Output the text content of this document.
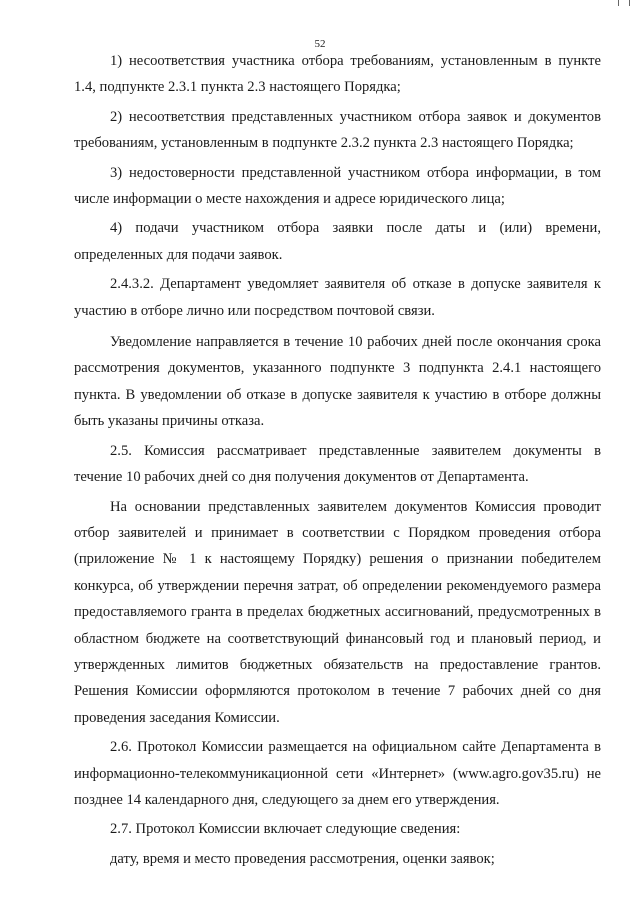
52

1) несоответствия участника отбора требованиям, установленным в пункте 1.4, подпункте 2.3.1 пункта 2.3 настоящего Порядка;

2) несоответствия представленных участником отбора заявок и документов требованиям, установленным в подпункте 2.3.2 пункта 2.3 настоящего Порядка;

3) недостоверности представленной участником отбора информации, в том числе информации о месте нахождения и адресе юридического лица;

4) подачи участником отбора заявки после даты и (или) времени, определенных для подачи заявок.

2.4.3.2. Департамент уведомляет заявителя об отказе в допуске заявителя к участию в отборе лично или посредством почтовой связи.

Уведомление направляется в течение 10 рабочих дней после окончания срока рассмотрения документов, указанного подпункте 3 подпункта 2.4.1 настоящего пункта. В уведомлении об отказе в допуске заявителя к участию в отборе должны быть указаны причины отказа.

2.5. Комиссия рассматривает представленные заявителем документы в течение 10 рабочих дней со дня получения документов от Департамента.

На основании представленных заявителем документов Комиссия проводит отбор заявителей и принимает в соответствии с Порядком проведения отбора (приложение № 1 к настоящему Порядку) решения о признании победителем конкурса, об утверждении перечня затрат, об определении рекомендуемого размера предоставляемого гранта в пределах бюджетных ассигнований, предусмотренных в областном бюджете на соответствующий финансовый год и плановый период, и утвержденных лимитов бюджетных обязательств на предоставление грантов. Решения Комиссии оформляются протоколом в течение 7 рабочих дней со дня проведения заседания Комиссии.

2.6. Протокол Комиссии размещается на официальном сайте Департамента в информационно-телекоммуникационной сети «Интернет» (www.agro.gov35.ru) не позднее 14 календарного дня, следующего за днем его утверждения.

2.7. Протокол Комиссии включает следующие сведения:

дату, время и место проведения рассмотрения, оценки заявок;
